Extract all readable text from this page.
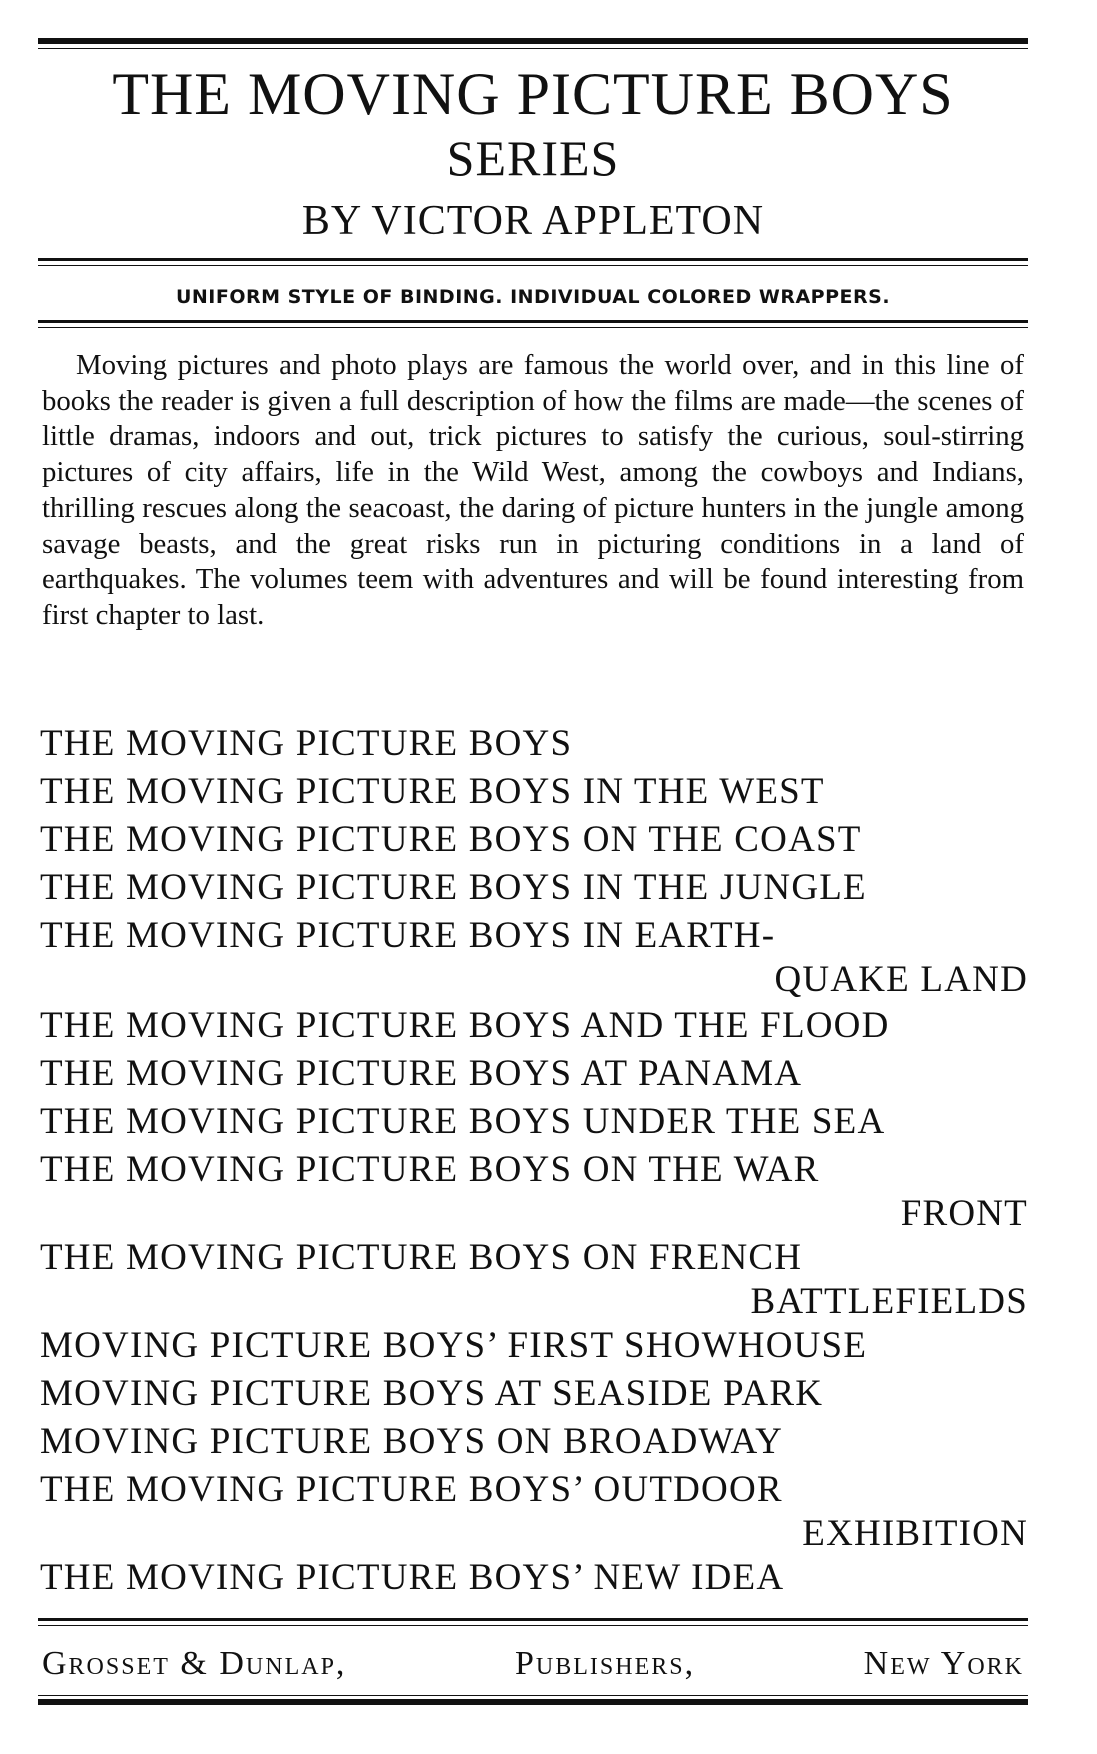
THE MOVING PICTURE BOYS
SERIES
BY VICTOR APPLETON
UNIFORM STYLE OF BINDING. INDIVIDUAL COLORED WRAPPERS.
Moving pictures and photo plays are famous the world over, and in this line of books the reader is given a full description of how the films are made—the scenes of little dramas, indoors and out, trick pictures to satisfy the curious, soul-stirring pictures of city affairs, life in the Wild West, among the cowboys and Indians, thrilling rescues along the seacoast, the daring of picture hunters in the jungle among savage beasts, and the great risks run in picturing conditions in a land of earthquakes. The volumes teem with adventures and will be found interesting from first chapter to last.
THE MOVING PICTURE BOYS
THE MOVING PICTURE BOYS IN THE WEST
THE MOVING PICTURE BOYS ON THE COAST
THE MOVING PICTURE BOYS IN THE JUNGLE
THE MOVING PICTURE BOYS IN EARTH-
QUAKE LAND
THE MOVING PICTURE BOYS AND THE FLOOD
THE MOVING PICTURE BOYS AT PANAMA
THE MOVING PICTURE BOYS UNDER THE SEA
THE MOVING PICTURE BOYS ON THE WAR
FRONT
THE MOVING PICTURE BOYS ON FRENCH
BATTLEFIELDS
MOVING PICTURE BOYS’ FIRST SHOWHOUSE
MOVING PICTURE BOYS AT SEASIDE PARK
MOVING PICTURE BOYS ON BROADWAY
THE MOVING PICTURE BOYS’ OUTDOOR
EXHIBITION
THE MOVING PICTURE BOYS’ NEW IDEA
Grosset & Dunlap,	Publishers,	New York
